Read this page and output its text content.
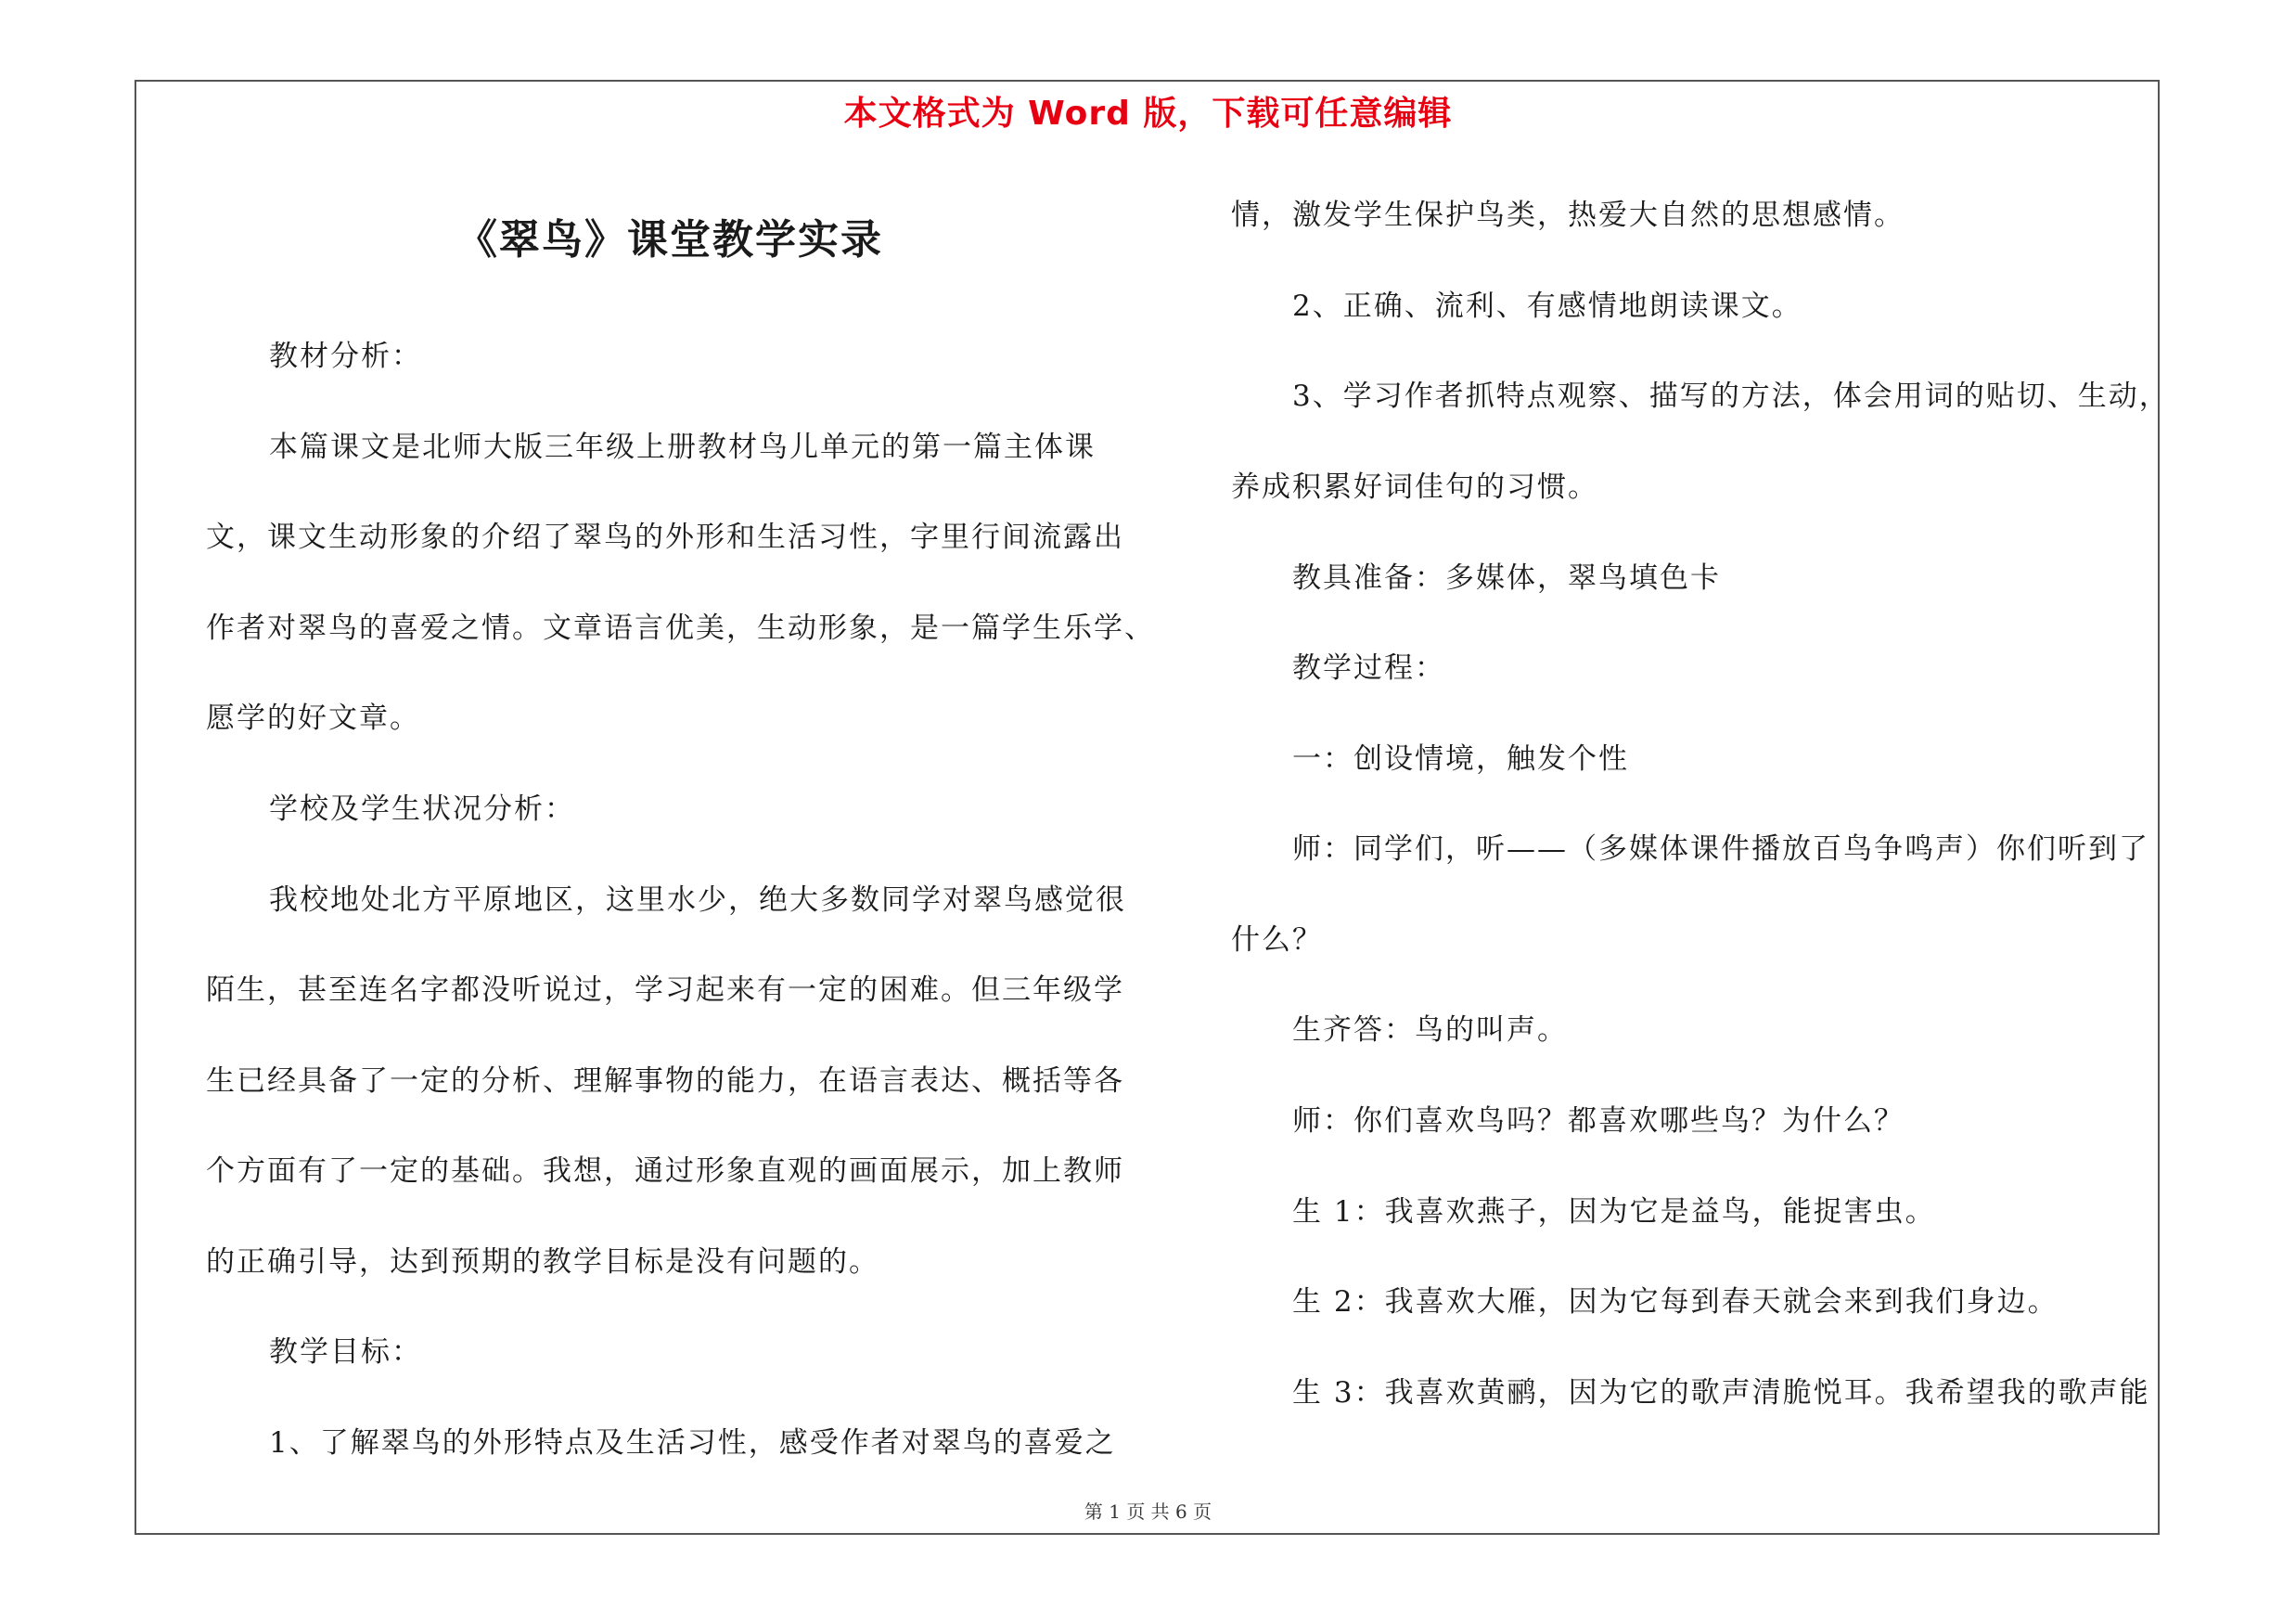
本文格式为 Word 版，下载可任意编辑
《翠鸟》课堂教学实录
教材分析：
本篇课文是北师大版三年级上册教材鸟儿单元的第一篇主体课
文，课文生动形象的介绍了翠鸟的外形和生活习性，字里行间流露出
作者对翠鸟的喜爱之情。文章语言优美，生动形象，是一篇学生乐学、
愿学的好文章。
学校及学生状况分析：
我校地处北方平原地区，这里水少，绝大多数同学对翠鸟感觉很
陌生，甚至连名字都没听说过，学习起来有一定的困难。但三年级学
生已经具备了一定的分析、理解事物的能力，在语言表达、概括等各
个方面有了一定的基础。我想，通过形象直观的画面展示，加上教师
的正确引导，达到预期的教学目标是没有问题的。
教学目标：
1、了解翠鸟的外形特点及生活习性，感受作者对翠鸟的喜爱之
情，激发学生保护鸟类，热爱大自然的思想感情。
2、正确、流利、有感情地朗读课文。
3、学习作者抓特点观察、描写的方法，体会用词的贴切、生动，
养成积累好词佳句的习惯。
教具准备：多媒体，翠鸟填色卡
教学过程：
一：创设情境，触发个性
师：同学们，听——（多媒体课件播放百鸟争鸣声）你们听到了
什么？
生齐答：鸟的叫声。
师：你们喜欢鸟吗？都喜欢哪些鸟？为什么？
生 1：我喜欢燕子，因为它是益鸟，能捉害虫。
生 2：我喜欢大雁，因为它每到春天就会来到我们身边。
生 3：我喜欢黄鹂，因为它的歌声清脆悦耳。我希望我的歌声能
第 1 页 共 6 页
